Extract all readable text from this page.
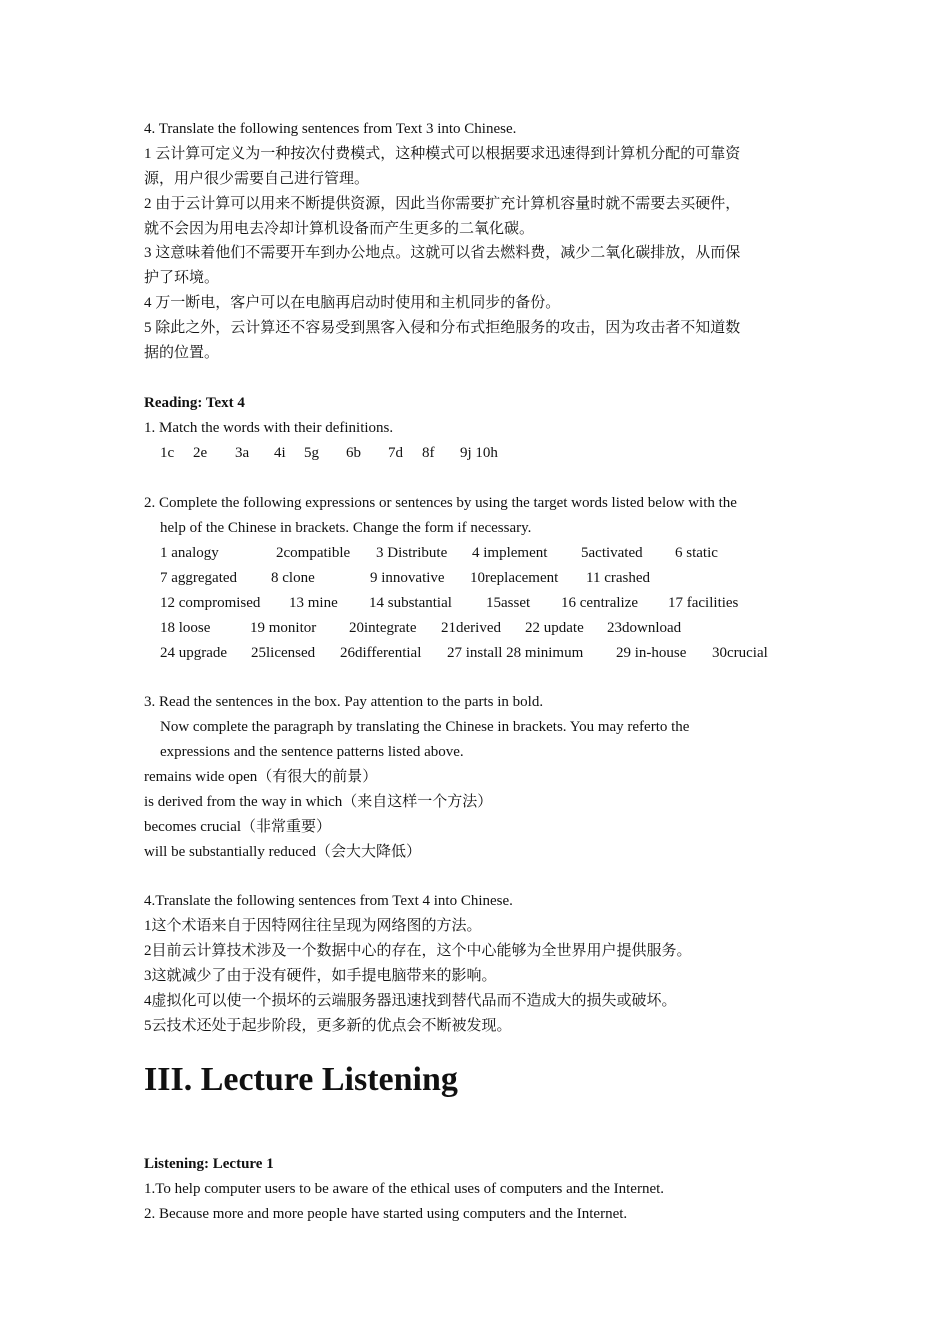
4. Translate the following sentences from Text 3 into Chinese.
1 云计算可定义为一种按次付费模式，这种模式可以根据要求迅速得到计算机分配的可靠资
源，用户很少需要自己进行管理。
2 由于云计算可以用来不断提供资源，因此当你需要扩充计算机容量时就不需要去买硬件，
就不会因为用电去冷却计算机设备而产生更多的二氧化碳。
3 这意味着他们不需要开车到办公地点。这就可以省去燃料费，减少二氧化碳排放，从而保
护了环境。
4 万一断电，客户可以在电脑再启动时使用和主机同步的备份。
5 除此之外，云计算还不容易受到黑客入侵和分布式拒绝服务的攻击，因为攻击者不知道数
据的位置。
Reading: Text 4
1. Match the words with their definitions.
1c 2e 3a 4i 5g 6b 7d 8f 9j 10h
2. Complete the following expressions or sentences by using the target words listed below with the
help of the Chinese in brackets. Change the form if necessary.
1 analogy	2compatible 3 Distribute 4 implement 5activated 6 static
7 aggregated 8 clone	9 innovative 10replacement 11 crashed
12 compromised 13 mine 14 substantial 15asset 16 centralize 17 facilities
18 loose	19 monitor 20integrate 21derived 22 update 23download
24 upgrade 25licensed 26differential 27 install 28 minimum 29 in-house 30crucial
3. Read the sentences in the box. Pay attention to the parts in bold.
Now complete the paragraph by translating the Chinese in brackets. You may referto the
expressions and the sentence patterns listed above.
remains wide open（有很大的前景）
is derived from the way in which（来自这样一个方法）
becomes crucial（非常重要）
will be substantially reduced（会大大降低）
4.Translate the following sentences from Text 4 into Chinese.
1这个术语来自于因特网往往呈现为网络图的方法。
2目前云计算技术涉及一个数据中心的存在，这个中心能够为全世界用户提供服务。
3这就减少了由于没有硬件，如手提电脑带来的影响。
4虚拟化可以使一个损坏的云端服务器迅速找到替代品而不造成大的损失或破坏。
5云技术还处于起步阶段，更多新的优点会不断被发现。
III. Lecture Listening
Listening: Lecture 1
1.To help computer users to be aware of the ethical uses of computers and the Internet.
2. Because more and more people have started using computers and the Internet.
